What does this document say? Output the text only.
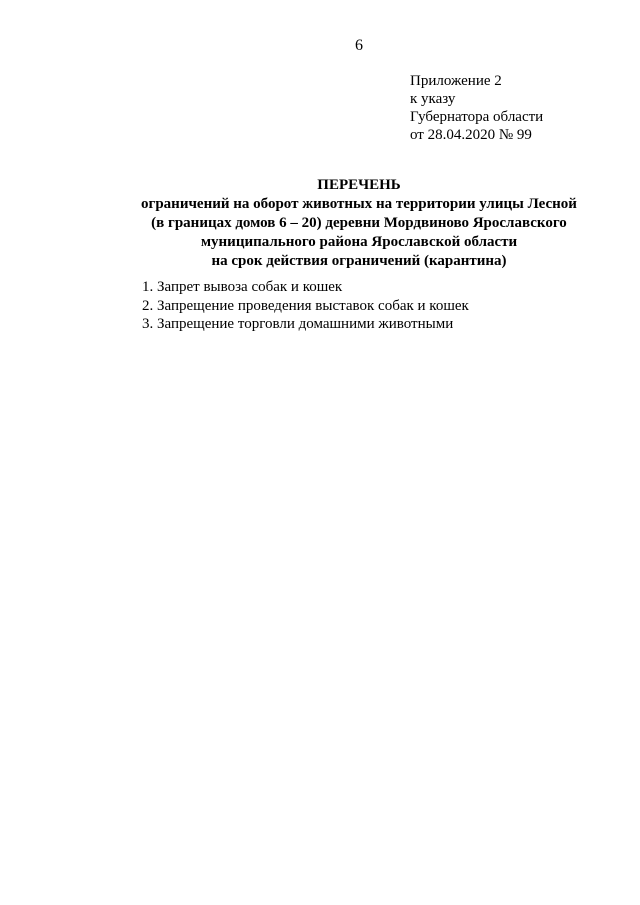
6
Приложение 2
к указу
Губернатора области
от 28.04.2020 № 99
ПЕРЕЧЕНЬ
ограничений на оборот животных на территории улицы Лесной
(в границах домов 6 – 20) деревни Мордвиново Ярославского
муниципального района Ярославской области
на срок действия ограничений (карантина)
1. Запрет вывоза собак и кошек
2. Запрещение проведения выставок собак и кошек
3. Запрещение торговли домашними животными
